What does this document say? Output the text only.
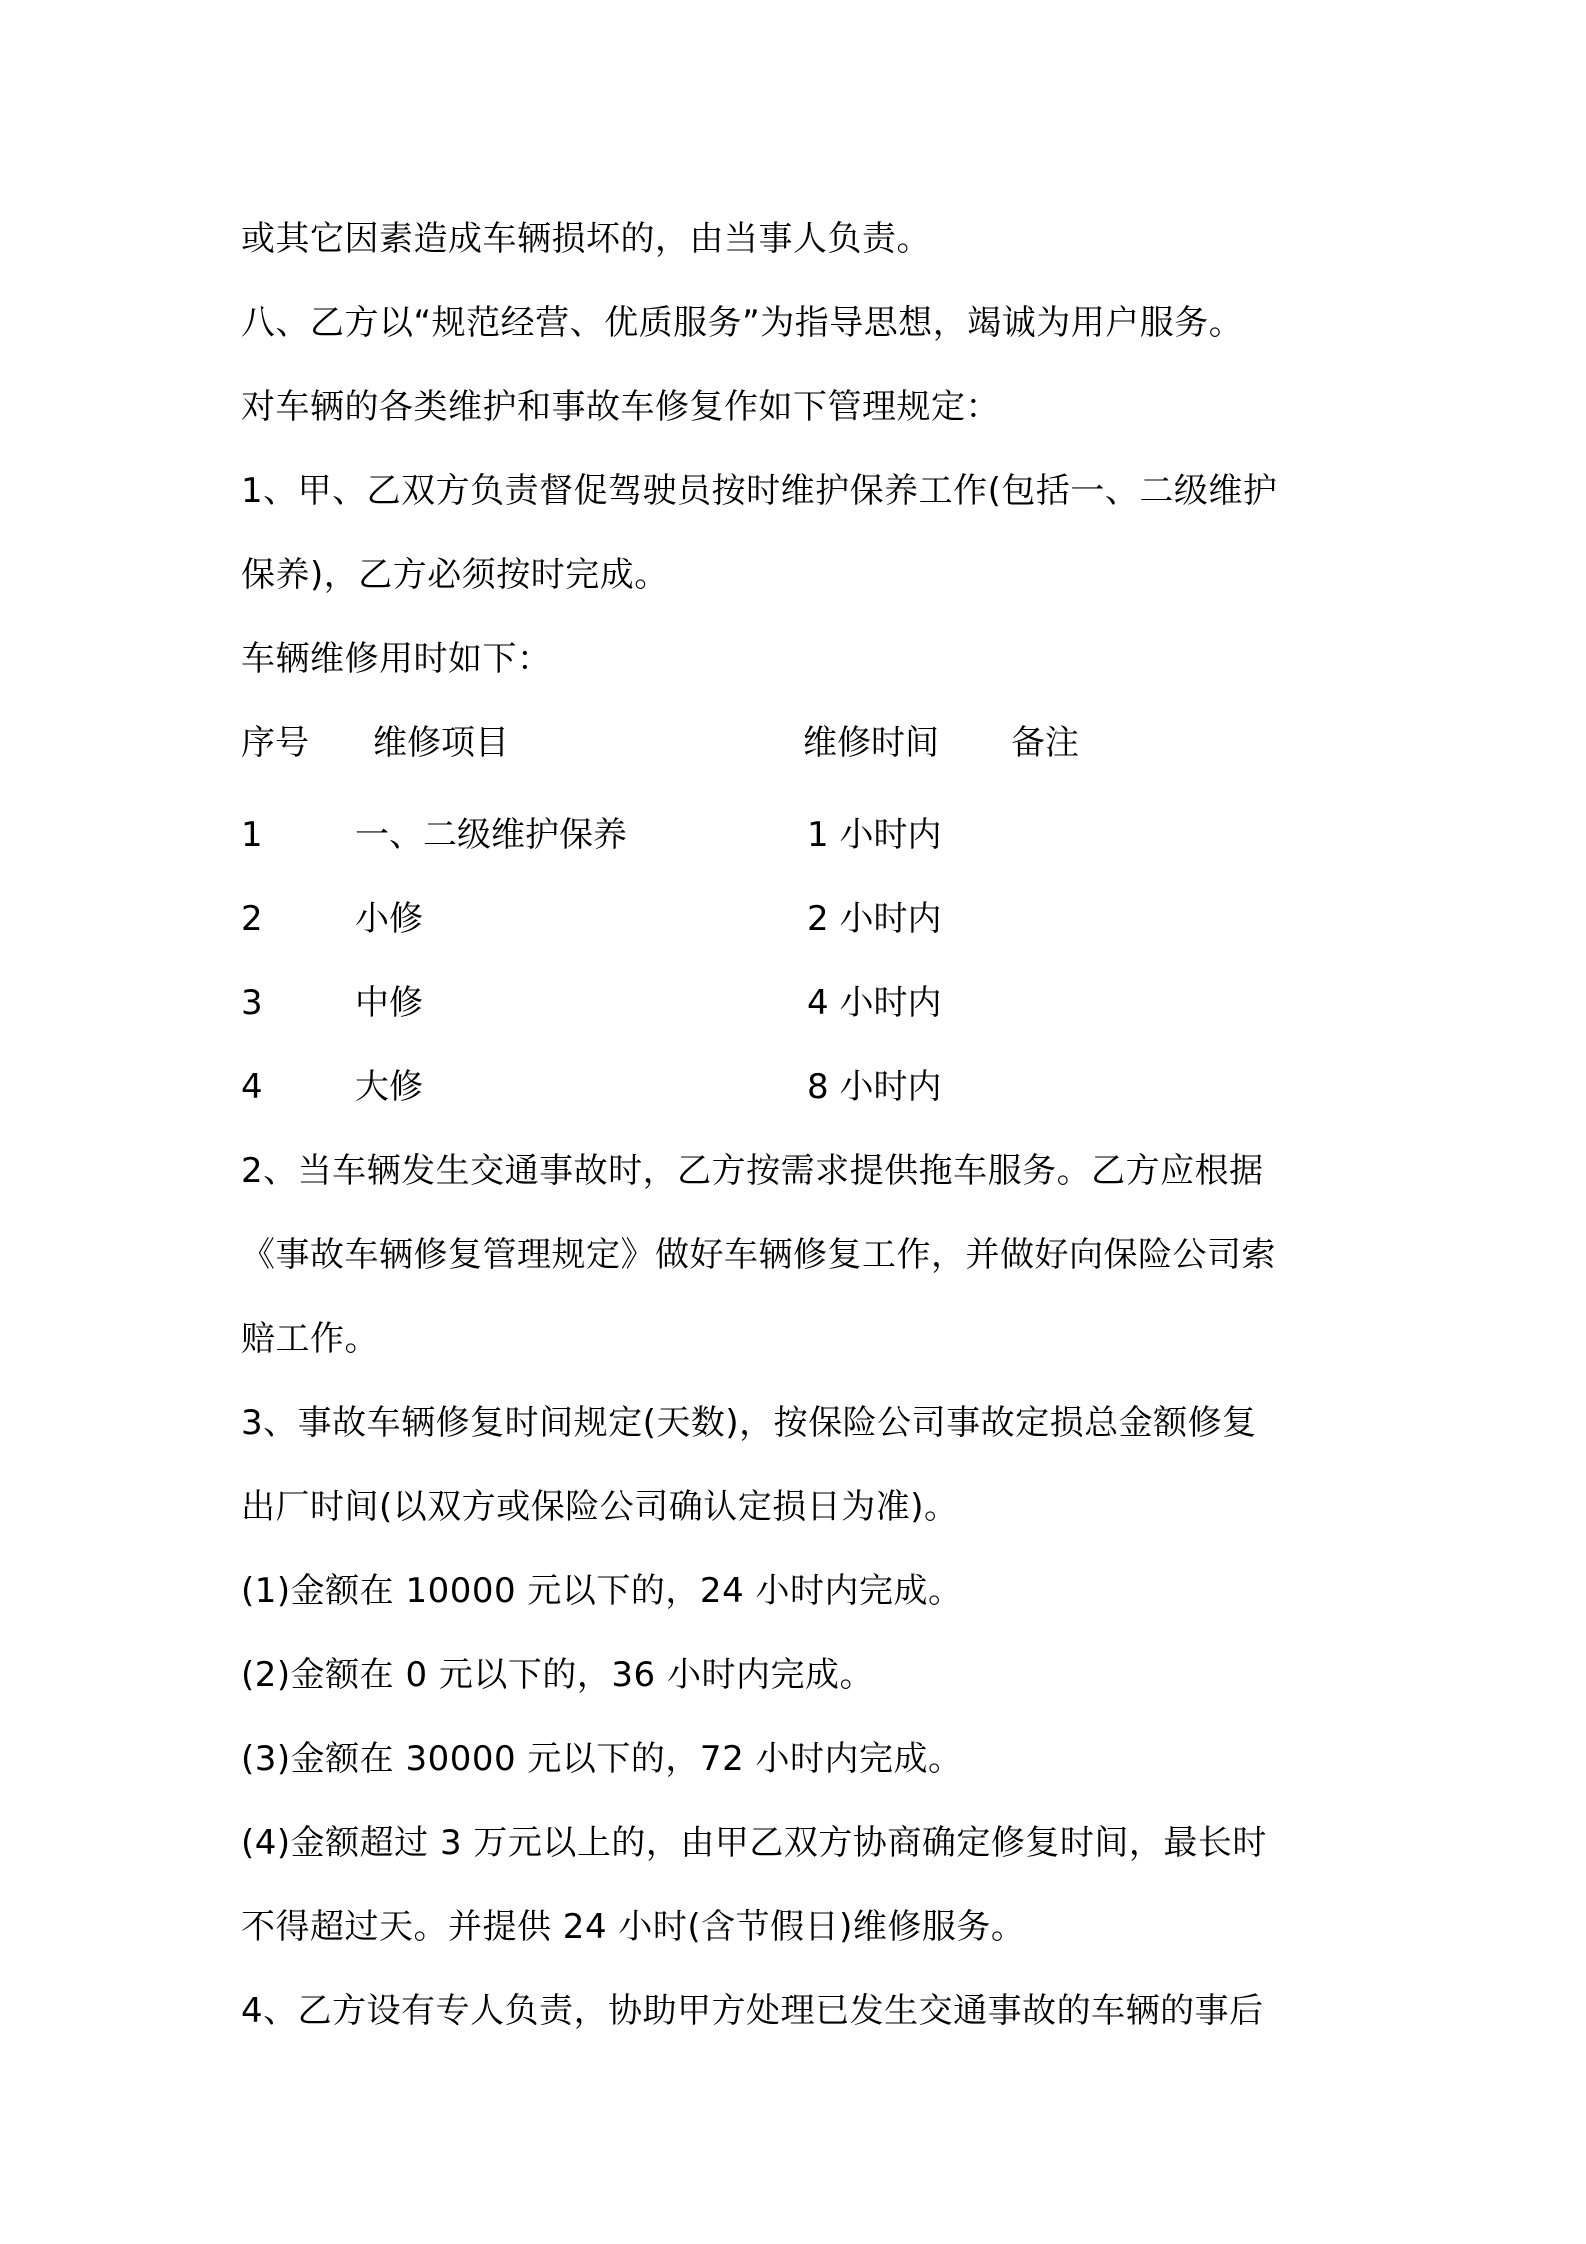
或其它因素造成车辆损坏的，由当事人负责。
八、乙方以“规范经营、优质服务”为指导思想，竭诚为用户服务。
对车辆的各类维护和事故车修复作如下管理规定：
1、甲、乙双方负责督促驾驶员按时维护保养工作(包括一、二级维护
保养)，乙方必须按时完成。
车辆维修用时如下：
序号 维修项目	维修时间 备注
1	一、二级维护保养	1 小时内
2	小修	2 小时内
3	中修	4 小时内
4	大修	8 小时内
2、当车辆发生交通事故时，乙方按需求提供拖车服务。乙方应根据
《事故车辆修复管理规定》做好车辆修复工作，并做好向保险公司索
赔工作。
3、事故车辆修复时间规定(天数)，按保险公司事故定损总金额修复
出厂时间(以双方或保险公司确认定损日为准)。
(1)金额在 10000 元以下的，24 小时内完成。
(2)金额在 0 元以下的，36 小时内完成。
(3)金额在 30000 元以下的，72 小时内完成。
(4)金额超过 3 万元以上的，由甲乙双方协商确定修复时间，最长时
不得超过天。并提供 24 小时(含节假日)维修服务。
4、乙方设有专人负责，协助甲方处理已发生交通事故的车辆的事后
